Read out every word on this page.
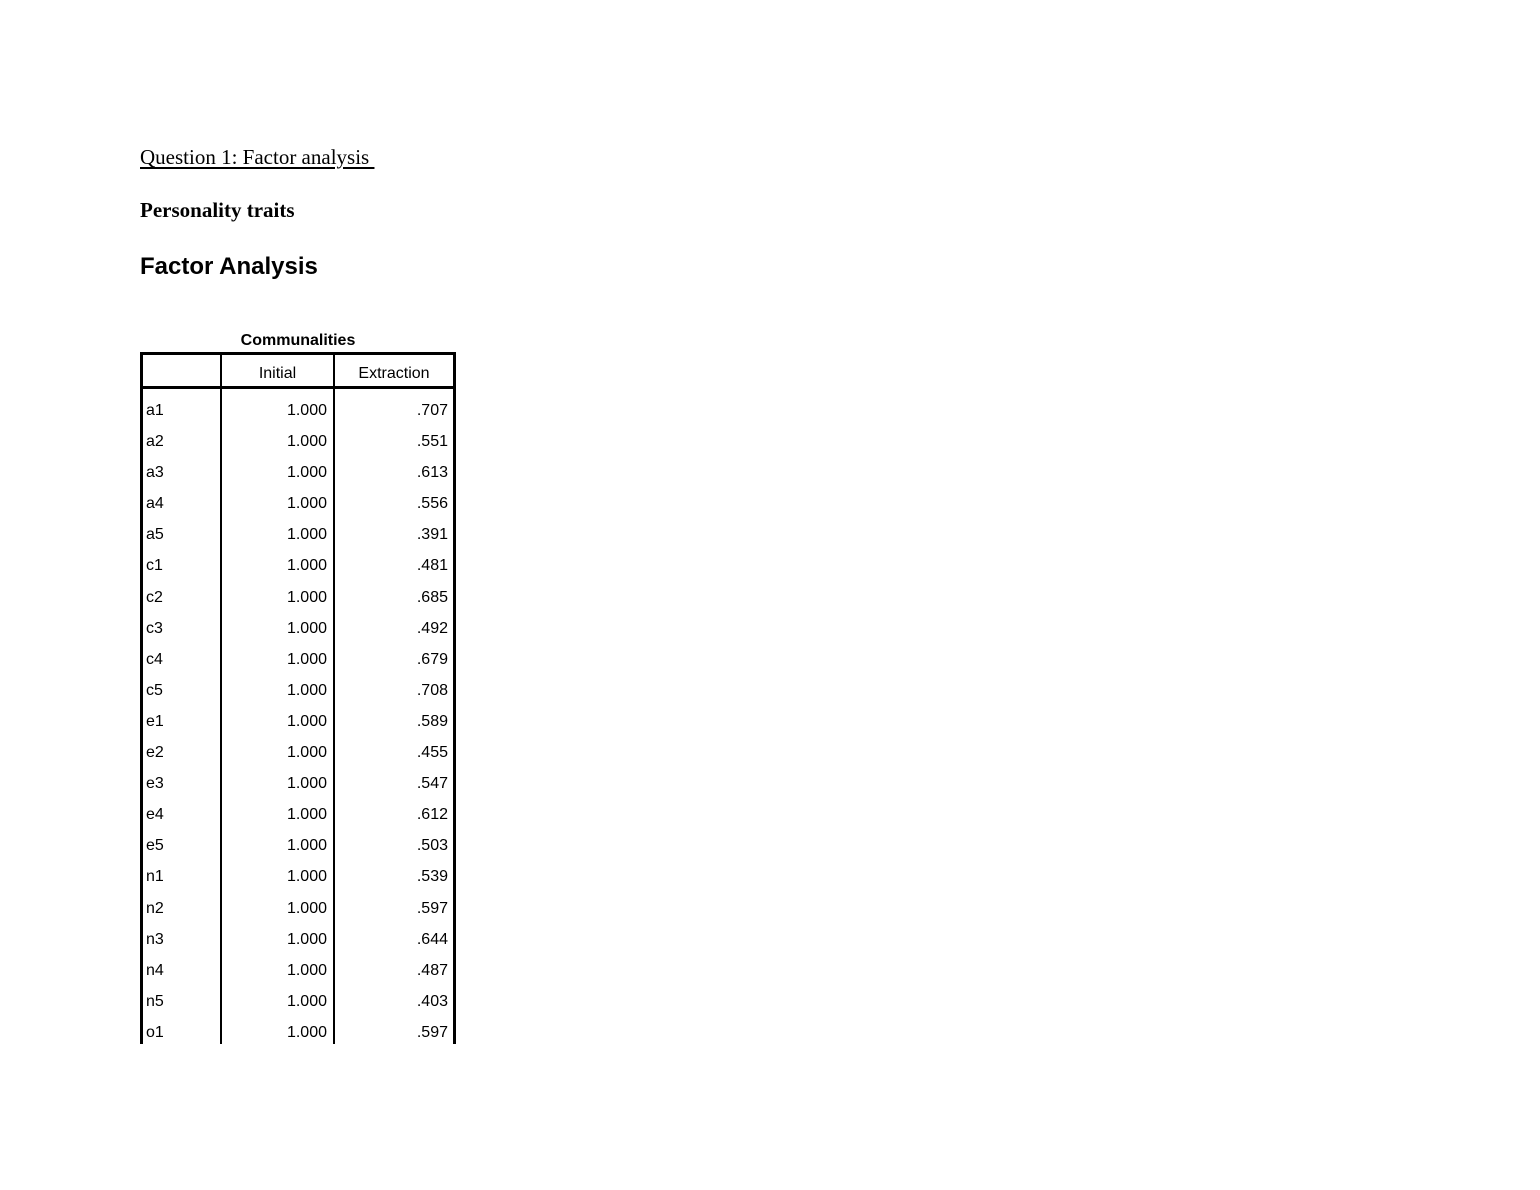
Question 1: Factor analysis
Personality traits
Factor Analysis
Communalities
Initial	Extraction
a1	1.000	.707
a2	1.000	.551
a3	1.000	.613
a4	1.000	.556
a5	1.000	.391
c1	1.000	.481
c2	1.000	.685
c3	1.000	.492
c4	1.000	.679
c5	1.000	.708
e1	1.000	.589
e2	1.000	.455
e3	1.000	.547
e4	1.000	.612
e5	1.000	.503
n1	1.000	.539
n2	1.000	.597
n3	1.000	.644
n4	1.000	.487
n5	1.000	.403
o1	1.000	.597
